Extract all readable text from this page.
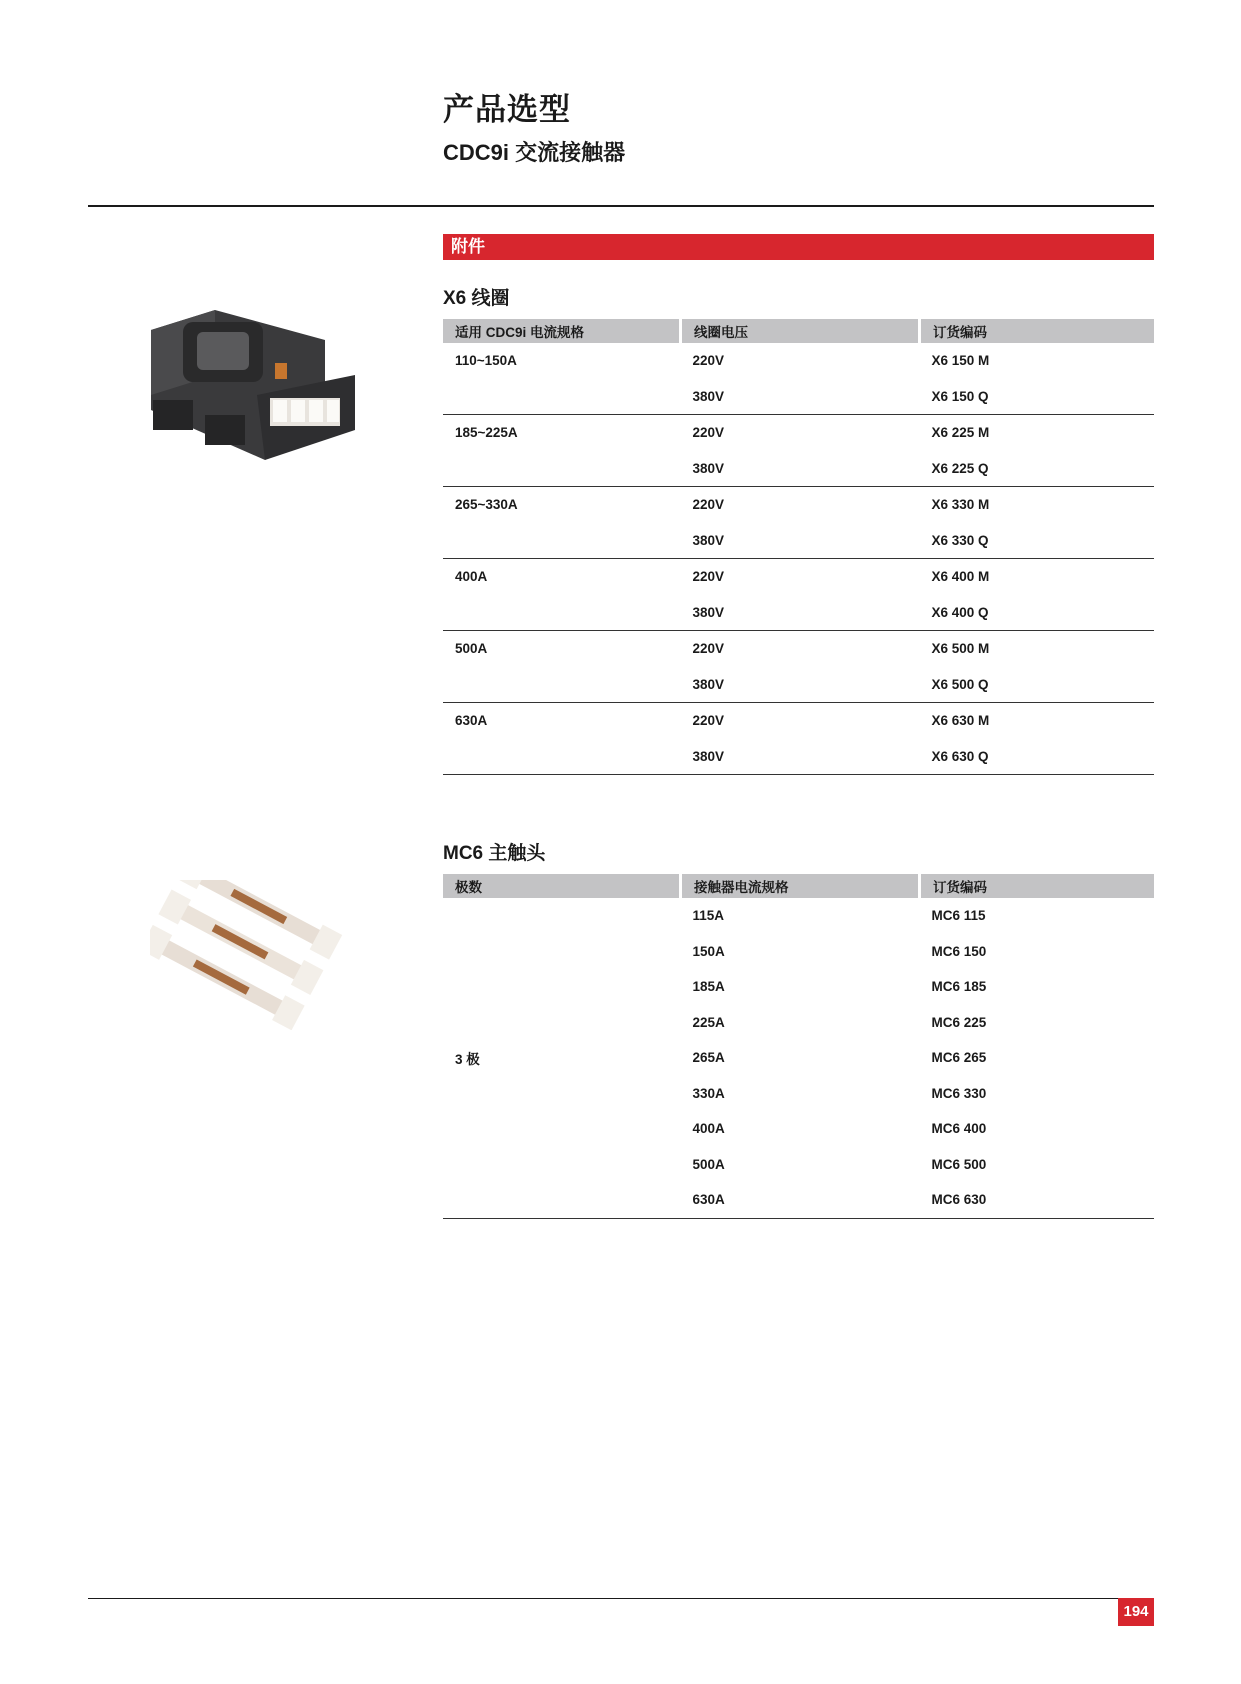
产品选型
CDC9i 交流接触器
附件
X6 线圈
适用 CDC9i 电流规格	线圈电压	订货编码
110~150A	220V	X6 150 M
	380V	X6 150 Q
185~225A	220V	X6 225 M
	380V	X6 225 Q
265~330A	220V	X6 330 M
	380V	X6 330 Q
400A	220V	X6 400 M
	380V	X6 400 Q
500A	220V	X6 500 M
	380V	X6 500 Q
630A	220V	X6 630 M
	380V	X6 630 Q
MC6 主触头
极数	接触器电流规格	订货编码
3 极	115A	MC6 115
	150A	MC6 150
	185A	MC6 185
	225A	MC6 225
	265A	MC6 265
	330A	MC6 330
	400A	MC6 400
	500A	MC6 500
	630A	MC6 630
194
